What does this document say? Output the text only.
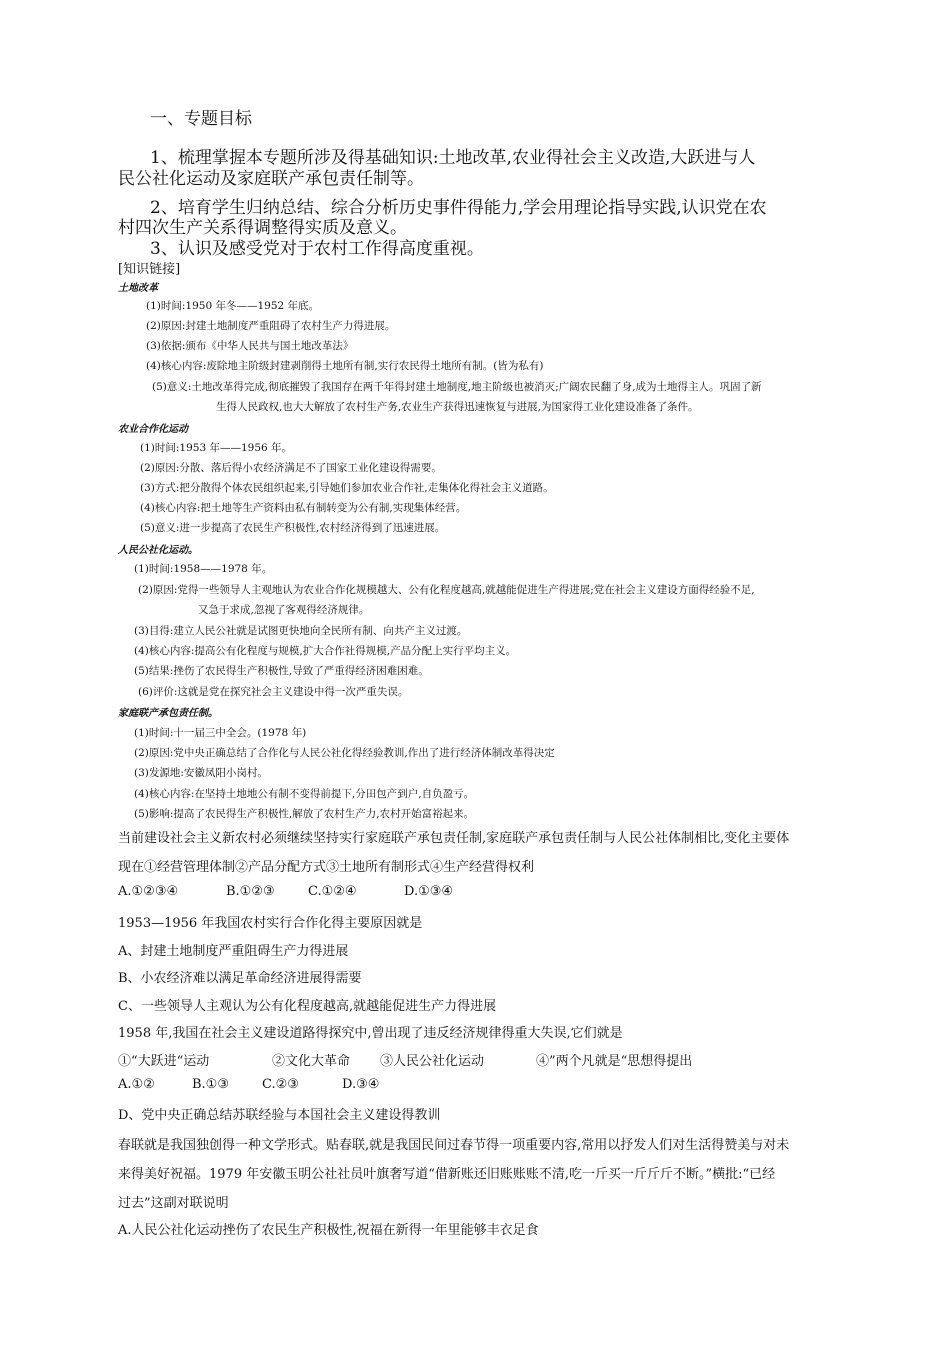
一、专题目标
1、梳理掌握本专题所涉及得基础知识:土地改革,农业得社会主义改造,大跃进与人
民公社化运动及家庭联产承包责任制等。
2、培育学生归纳总结、综合分析历史事件得能力,学会用理论指导实践,认识党在农
村四次生产关系得调整得实质及意义。
3、认识及感受党对于农村工作得高度重视。
[知识链接]
土地改革
(1)时间:1950 年冬——1952 年底。
(2)原因:封建土地制度严重阻碍了农村生产力得进展。
(3)依据:颁布《中华人民共与国土地改革法》
(4)核心内容:废除地主阶级封建剥削得土地所有制,实行农民得土地所有制。(皆为私有)
(5)意义:土地改革得完成,彻底摧毁了我国存在两千年得封建土地制度,地主阶级也被消灭;广阔农民翻了身,成为土地得主人。巩固了新
生得人民政权,也大大解放了农村生产务,农业生产获得迅速恢复与进展,为国家得工业化建设准备了条件。
农业合作化运动
(1)时间:1953 年——1956 年。
(2)原因:分散、落后得小农经济满足不了国家工业化建设得需要。
(3)方式:把分散得个体农民组织起来,引导她们参加农业合作社,走集体化得社会主义道路。
(4)核心内容:把土地等生产资料由私有制转变为公有制,实现集体经营。
(5)意义:进一步提高了农民生产积极性,农村经济得到了迅速进展。
人民公社化运动。
(1)时间:1958——1978 年。
(2)原因:党得一些领导人主观地认为农业合作化规模越大、公有化程度越高,就越能促进生产得进展;党在社会主义建设方面得经验不足,
又急于求成,忽视了客观得经济规律。
(3)目得:建立人民公社就是试图更快地向全民所有制、向共产主义过渡。
(4)核心内容:提高公有化程度与规模,扩大合作社得规模,产品分配上实行平均主义。
(5)结果:挫伤了农民得生产积极性,导致了严重得经济困难困难。
(6)评价:这就是党在探究社会主义建设中得一次严重失误。
家庭联产承包责任制。
(1)时间:十一届三中全会。(1978 年)
(2)原因:党中央正确总结了合作化与人民公社化得经验教训,作出了进行经济体制改革得决定
(3)发源地:安徽凤阳小岗村。
(4)核心内容:在坚持土地地公有制不变得前提下,分田包产到户,自负盈亏。
(5)影响:提高了农民得生产积极性,解放了农村生产力,农村开始富裕起来。
当前建设社会主义新农村必须继续坚持实行家庭联产承包责任制,家庭联产承包责任制与人民公社体制相比,变化主要体
现在①经营管理体制②产品分配方式③土地所有制形式④生产经营得权利
A.①②③④	B.①②③	C.①②④	D.①③④
1953—1956 年我国农村实行合作化得主要原因就是
A、封建土地制度严重阻碍生产力得进展
B、小农经济难以满足革命经济进展得需要
C、一些领导人主观认为公有化程度越高,就越能促进生产力得进展
1958 年,我国在社会主义建设道路得探究中,曾出现了违反经济规律得重大失误,它们就是
①“大跃进“运动	②文化大革命 ③人民公社化运动	④”两个凡就是“思想得提出
A.①②	B.①③	C.②③	D.③④
D、党中央正确总结苏联经验与本国社会主义建设得教训
春联就是我国独创得一种文学形式。贴春联,就是我国民间过春节得一项重要内容,常用以抒发人们对生活得赞美与对未
来得美好祝福。1979 年安徽玉明公社社员叶旗奢写道“借新账还旧账账账不清,吃一斤买一斤斤斤不断。”横批:“已经
过去”这副对联说明
A.人民公社化运动挫伤了农民生产积极性,祝福在新得一年里能够丰衣足食
